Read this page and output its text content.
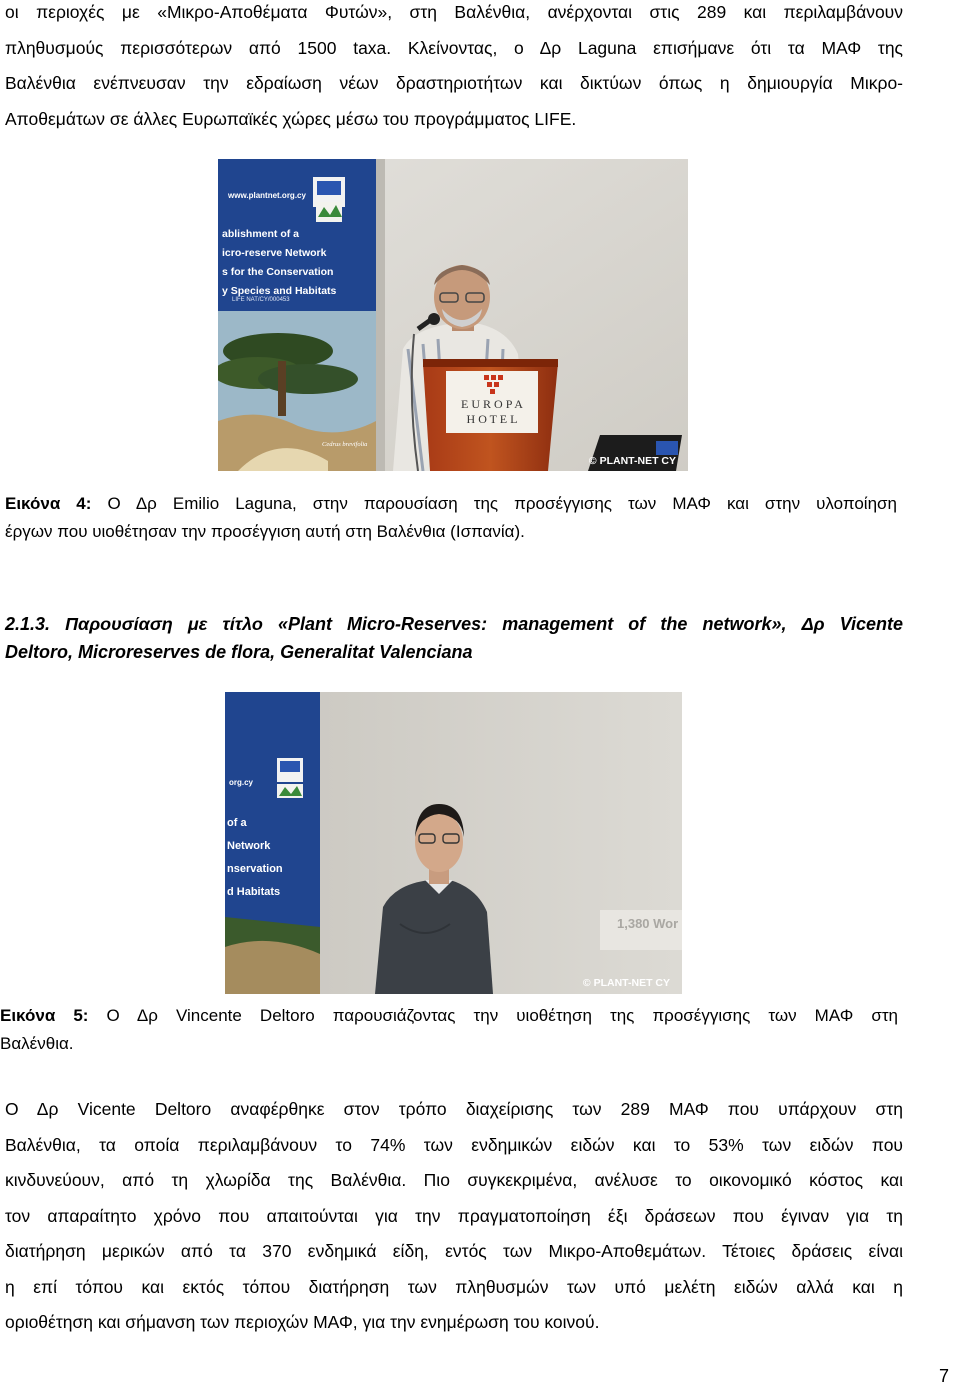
οι περιοχές με «Μικρο-Αποθέματα Φυτών», στη Βαλένθια, ανέρχονται στις 289 και περιλαμβάνουν
πληθυσμούς περισσότερων από 1500 taxa. Κλείνοντας, ο Δρ Laguna επισήμανε ότι τα ΜΑΦ της
Βαλένθια ενέπνευσαν την εδραίωση νέων δραστηριοτήτων και δικτύων όπως η δημιουργία Μικρο-
Αποθεμάτων σε άλλες Ευρωπαϊκές χώρες μέσω του προγράμματος LIFE.
www.plantnet.org.cy
ablishment of a
icro-reserve Network
s for the Conservation
y Species and Habitats
LIFE NAT/CY/000453
Cedrus brevifolia
E U R O P A
H O T E L
© PLANT-NET CY
Εικόνα 4: Ο Δρ Emilio Laguna, στην παρουσίαση της προσέγγισης των ΜΑΦ και στην υλοποίηση
έργων που υιοθέτησαν την προσέγγιση αυτή στη Βαλένθια (Ισπανία).
2.1.3. Παρουσίαση με τίτλο «Plant Micro-Reserves: management of the network», Δρ Vicente
Deltoro, Microreserves de flora, Generalitat Valenciana
org.cy
of a
Network
nservation
d Habitats
1,380 Wor
© PLANT-NET CY
Εικόνα 5: Ο Δρ Vincente Deltoro παρουσιάζοντας την υιοθέτηση της προσέγγισης των ΜΑΦ στη
Βαλένθια.
Ο Δρ Vicente Deltoro αναφέρθηκε στον τρόπο διαχείρισης των 289 ΜΑΦ που υπάρχουν στη
Βαλένθια, τα οποία περιλαμβάνουν το 74% των ενδημικών ειδών και το 53% των ειδών που
κινδυνεύουν, από τη χλωρίδα της Βαλένθια. Πιο συγκεκριμένα, ανέλυσε το οικονομικό κόστος και
τον απαραίτητο χρόνο που απαιτούνται για την πραγματοποίηση έξι δράσεων που έγιναν για τη
διατήρηση μερικών από τα 370 ενδημικά είδη, εντός των Μικρο-Αποθεμάτων. Τέτοιες δράσεις είναι
η επί τόπου και εκτός τόπου διατήρηση των πληθυσμών των υπό μελέτη ειδών αλλά και η
οριοθέτηση και σήμανση των περιοχών ΜΑΦ, για την ενημέρωση του κοινού.
7
